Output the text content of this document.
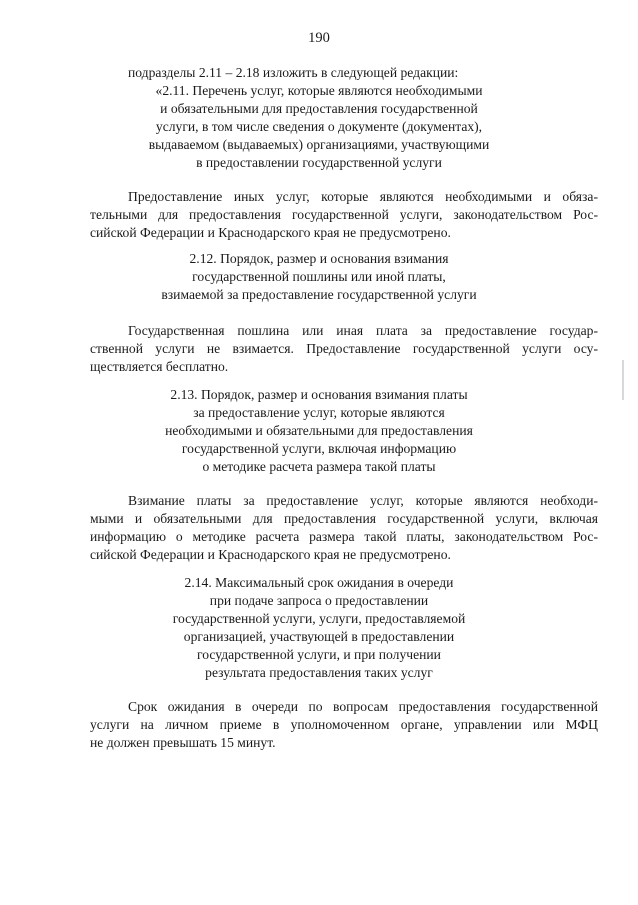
190

подразделы 2.11 – 2.18 изложить в следующей редакции:

«2.11. Перечень услуг, которые являются необходимыми

и обязательными для предоставления государственной

услуги, в том числе сведения о документе (документах),

выдаваемом (выдаваемых) организациями, участвующими

в предоставлении государственной услуги

Предоставление иных услуг, которые являются необходимыми и обяза-

тельными для предоставления государственной услуги, законодательством Рос-

сийской Федерации и Краснодарского края не предусмотрено.

2.12. Порядок, размер и основания взимания

государственной пошлины или иной платы,

взимаемой за предоставление государственной услуги

Государственная пошлина или иная плата за предоставление государ-

ственной услуги не взимается. Предоставление государственной услуги осу-

ществляется бесплатно.

2.13. Порядок, размер и основания взимания платы

за предоставление услуг, которые являются

необходимыми и обязательными для предоставления

государственной услуги, включая информацию

о методике расчета размера такой платы

Взимание платы за предоставление услуг, которые являются необходи-

мыми и обязательными для предоставления государственной услуги, включая

информацию о методике расчета размера такой платы, законодательством Рос-

сийской Федерации и Краснодарского края не предусмотрено.

2.14. Максимальный срок ожидания в очереди

при подаче запроса о предоставлении

государственной услуги, услуги, предоставляемой

организацией, участвующей в предоставлении

государственной услуги, и при получении

результата предоставления таких услуг

Срок ожидания в очереди по вопросам предоставления государственной

услуги на личном приеме в уполномоченном органе, управлении или МФЦ

не должен превышать 15 минут.
